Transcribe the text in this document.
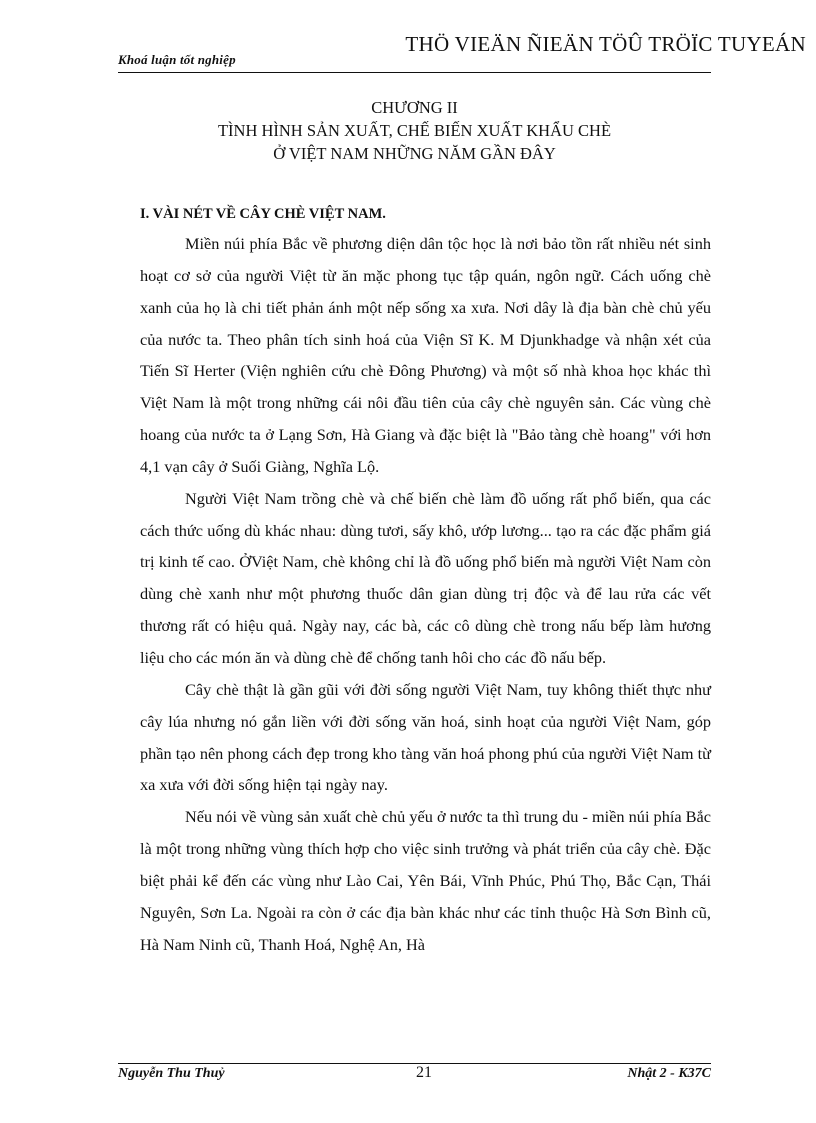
Khoá luận tốt nghiệp
THÖ VIEÄN ÑIEÄN TÖÛ TRÖÏC TUYEÁN
CHƯƠNG II
TÌNH HÌNH SẢN XUẤT, CHẾ BIẾN XUẤT KHẨU CHÈ
Ở VIỆT NAM NHỮNG NĂM GẦN ĐÂY
I. VÀI NÉT VỀ CÂY CHÈ VIỆT NAM.

Miền núi phía Bắc về phương diện dân tộc học là nơi bảo tồn rất nhiều nét sinh hoạt cơ sở của người Việt từ ăn mặc phong tục tập quán, ngôn ngữ. Cách uống chè xanh của họ là chi tiết phản ánh một nếp sống xa xưa. Nơi dây là địa bàn chè chủ yếu của nước ta. Theo phân tích sinh hoá của Viện Sĩ K. M Djunkhadge và nhận xét của Tiến Sĩ Herter (Viện nghiên cứu chè Đông Phương) và một số nhà khoa học khác thì Việt Nam là một trong những cái nôi đầu tiên của cây chè nguyên sản. Các vùng chè hoang của nước ta ở Lạng Sơn, Hà Giang và đặc biệt là "Bảo tàng chè hoang" với hơn 4,1 vạn cây ở Suối Giàng, Nghĩa Lộ.

Người Việt Nam trồng chè và chế biến chè làm đồ uống rất phổ biến, qua các cách thức uống dù khác nhau: dùng tươi, sấy khô, ướp lương... tạo ra các đặc phẩm giá trị kinh tế cao. ỞViệt Nam, chè không chỉ là đồ uống phổ biến mà người Việt Nam còn dùng chè xanh như một phương thuốc dân gian dùng trị độc và để lau rửa các vết thương rất có hiệu quả. Ngày nay, các bà, các cô dùng chè trong nấu bếp làm hương liệu cho các món ăn và dùng chè để chống tanh hôi cho các đồ nấu bếp.

Cây chè thật là gần gũi với đời sống người Việt Nam, tuy không thiết thực như cây lúa nhưng nó gắn liền với đời sống văn hoá, sinh hoạt của người Việt Nam, góp phần tạo nên phong cách đẹp trong kho tàng văn hoá phong phú của người Việt Nam từ xa xưa với đời sống hiện tại ngày nay.

Nếu nói về vùng sản xuất chè chủ yếu ở nước ta thì trung du - miền núi phía Bắc là một trong những vùng thích hợp cho việc sinh trưởng và phát triển của cây chè. Đặc biệt phải kể đến các vùng như Lào Cai, Yên Bái, Vĩnh Phúc, Phú Thọ, Bắc Cạn, Thái Nguyên, Sơn La. Ngoài ra còn ở các địa bàn khác như các tỉnh thuộc Hà Sơn Bình cũ, Hà Nam Ninh cũ, Thanh Hoá, Nghệ An, Hà

Nguyễn Thu Thuỷ	21	Nhật 2 - K37C
